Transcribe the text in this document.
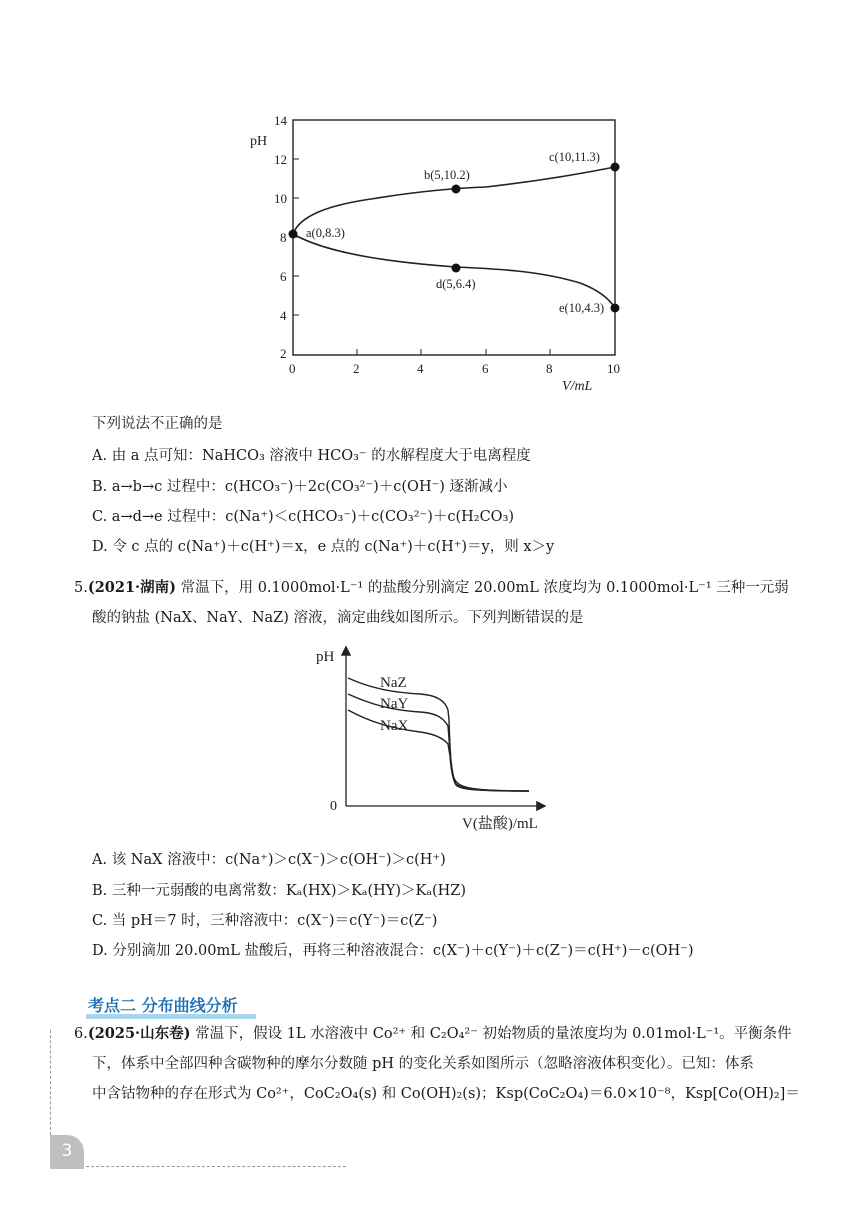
14
12
10
8
6
4
2
0	2	4	6	8	10
pH
V/mL
a(0,8.3)
b(5,10.2)
c(10,11.3)
d(5,6.4)
e(10,4.3)
下列说法不正确的是
A. 由 a 点可知：NaHCO₃ 溶液中 HCO₃⁻ 的水解程度大于电离程度
B. a→b→c 过程中：c(HCO₃⁻)＋2c(CO₃²⁻)＋c(OH⁻) 逐渐减小
C. a→d→e 过程中：c(Na⁺)＜c(HCO₃⁻)＋c(CO₃²⁻)＋c(H₂CO₃)
D. 令 c 点的 c(Na⁺)＋c(H⁺)＝x，e 点的 c(Na⁺)＋c(H⁺)＝y，则 x＞y
5.(2021·湖南) 常温下，用 0.1000mol·L⁻¹ 的盐酸分别滴定 20.00mL 浓度均为 0.1000mol·L⁻¹ 三种一元弱
酸的钠盐 (NaX、NaY、NaZ) 溶液，滴定曲线如图所示。下列判断错误的是
pH
0
V(盐酸)/mL
NaZ
NaY
NaX
A. 该 NaX 溶液中：c(Na⁺)＞c(X⁻)＞c(OH⁻)＞c(H⁺)
B. 三种一元弱酸的电离常数：Kₐ(HX)＞Kₐ(HY)＞Kₐ(HZ)
C. 当 pH＝7 时，三种溶液中：c(X⁻)＝c(Y⁻)＝c(Z⁻)
D. 分别滴加 20.00mL 盐酸后，再将三种溶液混合：c(X⁻)＋c(Y⁻)＋c(Z⁻)＝c(H⁺)－c(OH⁻)
考点二 分布曲线分析
6.(2025·山东卷) 常温下，假设 1L 水溶液中 Co²⁺ 和 C₂O₄²⁻ 初始物质的量浓度均为 0.01mol·L⁻¹。平衡条件
下，体系中全部四种含碳物种的摩尔分数随 pH 的变化关系如图所示（忽略溶液体积变化）。已知：体系
中含钴物种的存在形式为 Co²⁺，CoC₂O₄(s) 和 Co(OH)₂(s)；Ksp(CoC₂O₄)＝6.0×10⁻⁸，Ksp[Co(OH)₂]＝
3
